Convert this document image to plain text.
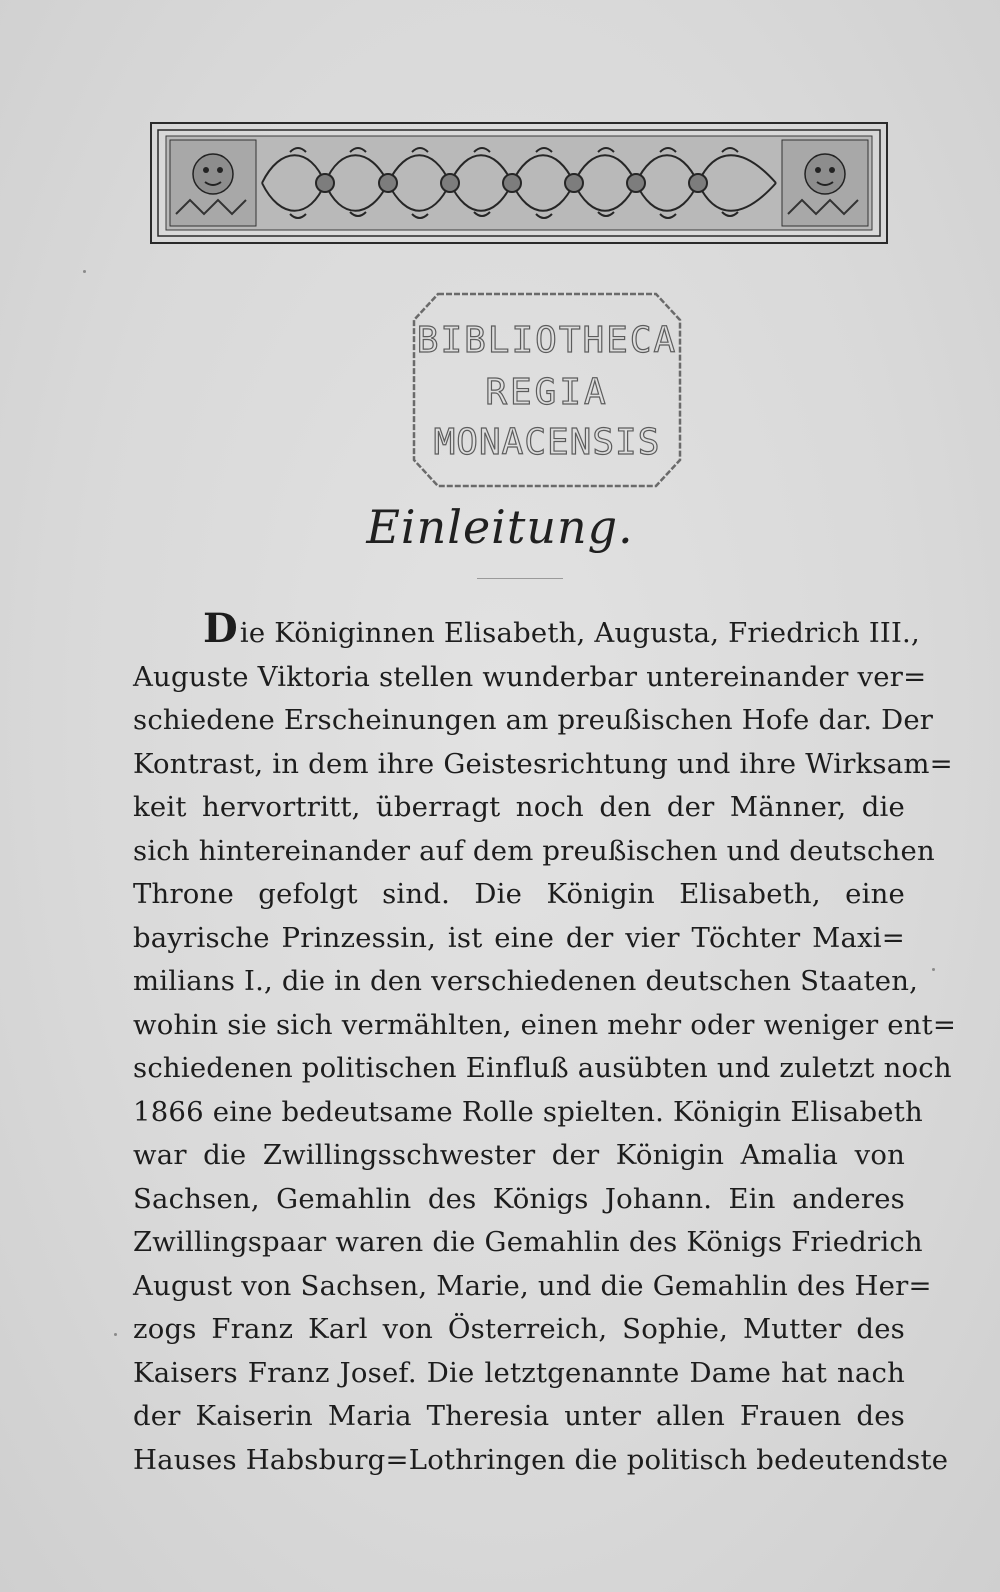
BIBLIOTHECA
REGIA
MONACENSIS
Einleitung.
D ie Königinnen Elisabeth, Augusta, Friedrich III.,
Auguste Viktoria stellen wunderbar untereinander ver=
schiedene Erscheinungen am preußischen Hofe dar. Der
Kontrast, in dem ihre Geistesrichtung und ihre Wirksam=
keit hervortritt, überragt noch den der Männer, die
sich hintereinander auf dem preußischen und deutschen
Throne gefolgt sind. Die Königin Elisabeth, eine
bayrische Prinzessin, ist eine der vier Töchter Maxi=
milians I., die in den verschiedenen deutschen Staaten,
wohin sie sich vermählten, einen mehr oder weniger ent=
schiedenen politischen Einfluß ausübten und zuletzt noch
1866 eine bedeutsame Rolle spielten. Königin Elisabeth
war die Zwillingsschwester der Königin Amalia von
Sachsen, Gemahlin des Königs Johann. Ein anderes
Zwillingspaar waren die Gemahlin des Königs Friedrich
August von Sachsen, Marie, und die Gemahlin des Her=
zogs Franz Karl von Österreich, Sophie, Mutter des
Kaisers Franz Josef. Die letztgenannte Dame hat nach
der Kaiserin Maria Theresia unter allen Frauen des
Hauses Habsburg=Lothringen die politisch bedeutendste
